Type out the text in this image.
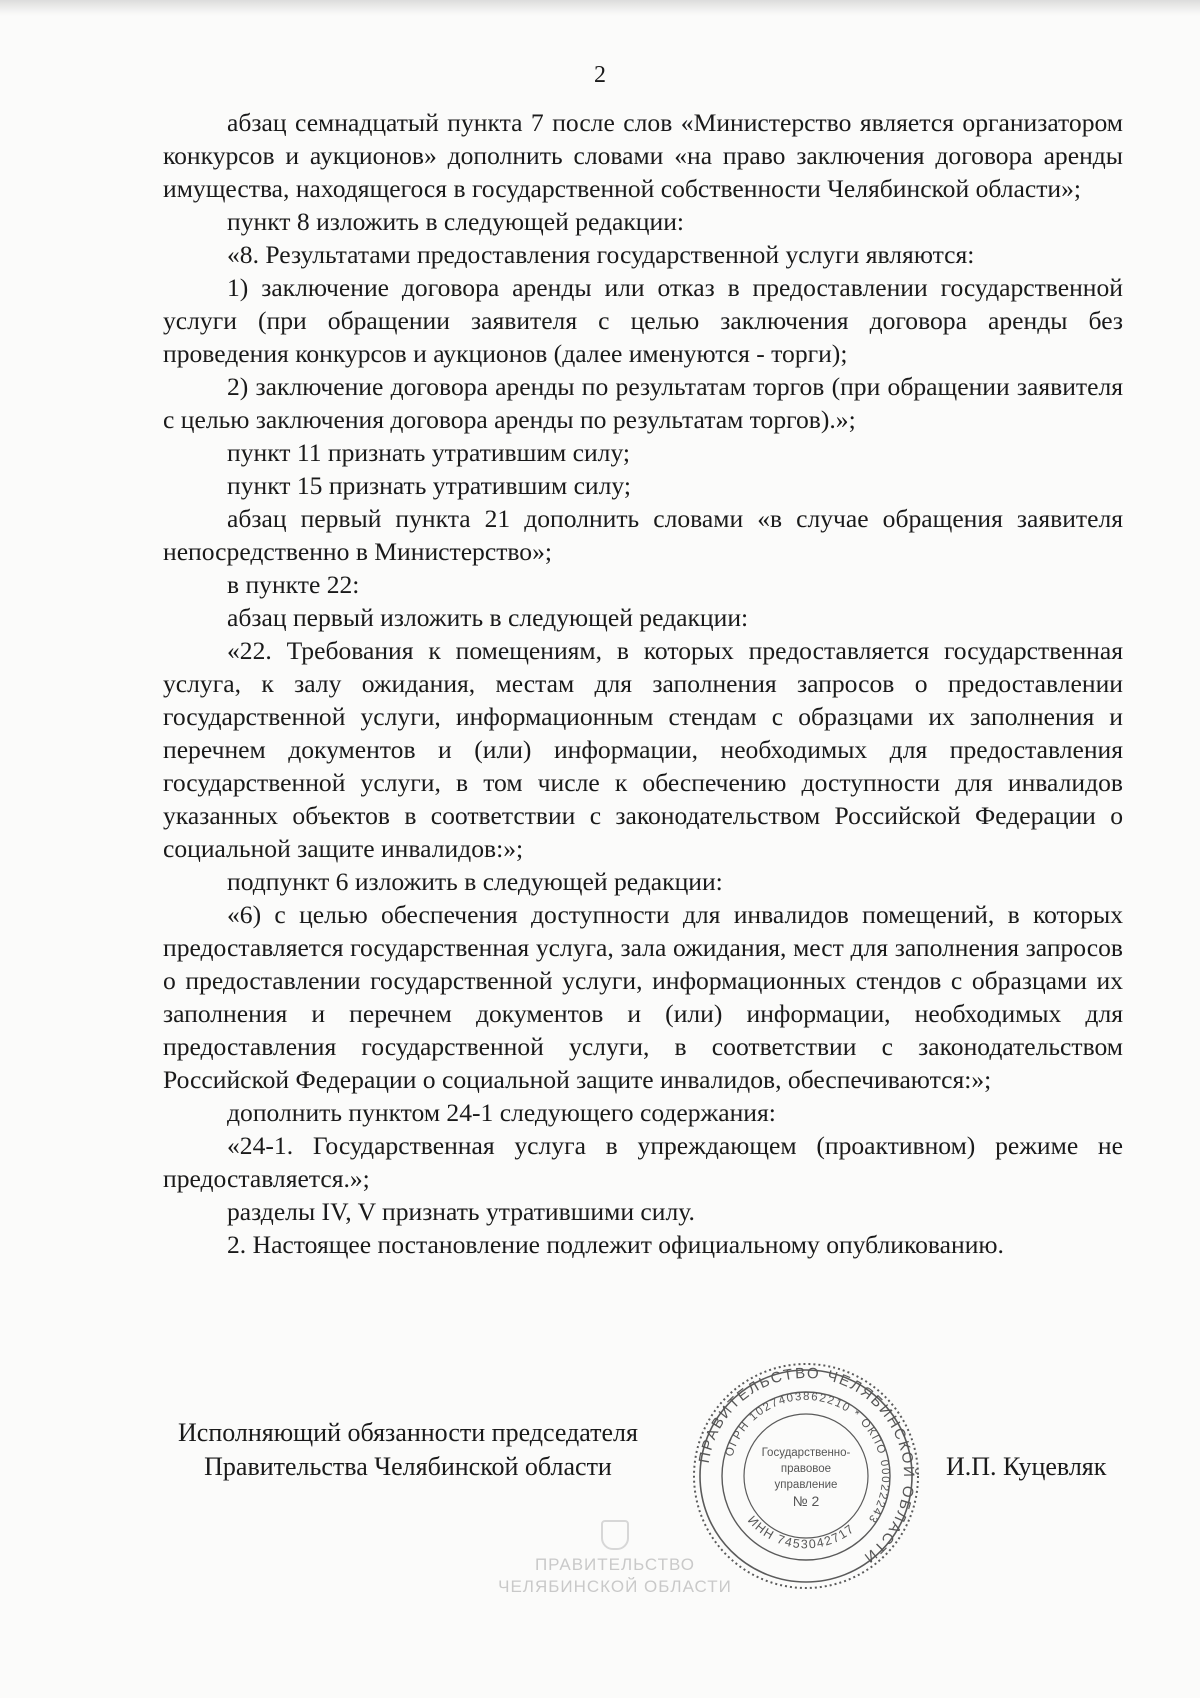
2

абзац семнадцатый пункта 7 после слов «Министерство является организатором конкурсов и аукционов» дополнить словами «на право заключения договора аренды имущества, находящегося в государственной собственности Челябинской области»;

пункт 8 изложить в следующей редакции:

«8. Результатами предоставления государственной услуги являются:

1) заключение договора аренды или отказ в предоставлении государственной услуги (при обращении заявителя с целью заключения договора аренды без проведения конкурсов и аукционов (далее именуются - торги);

2) заключение договора аренды по результатам торгов (при обращении заявителя с целью заключения договора аренды по результатам торгов).»;

пункт 11 признать утратившим силу;

пункт 15 признать утратившим силу;

абзац первый пункта 21 дополнить словами «в случае обращения заявителя непосредственно в Министерство»;

в пункте 22:

абзац первый изложить в следующей редакции:

«22. Требования к помещениям, в которых предоставляется государственная услуга, к залу ожидания, местам для заполнения запросов о предоставлении государственной услуги, информационным стендам с образцами их заполнения и перечнем документов и (или) информации, необходимых для предоставления государственной услуги, в том числе к обеспечению доступности для инвалидов указанных объектов в соответствии с законодательством Российской Федерации о социальной защите инвалидов:»;

подпункт 6 изложить в следующей редакции:

«6) с целью обеспечения доступности для инвалидов помещений, в которых предоставляется государственная услуга, зала ожидания, мест для заполнения запросов о предоставлении государственной услуги, информационных стендов с образцами их заполнения и перечнем документов и (или) информации, необходимых для предоставления государственной услуги, в соответствии с законодательством Российской Федерации о социальной защите инвалидов, обеспечиваются:»;

дополнить пунктом 24-1 следующего содержания:

«24-1. Государственная услуга в упреждающем (проактивном) режиме не предоставляется.»;

разделы IV, V признать утратившими силу.

2. Настоящее постановление подлежит официальному опубликованию.

Исполняющий обязанности председателя
Правительства Челябинской области	И.П. Куцевляк
ПРАВИТЕЛЬСТВО ЧЕЛЯБИНСКОЙ ОБЛАСТИ
ОГРН 1027403862210 * ОКПО 00022243
ИНН 7453042717
Государственно-
правовое
управление
№ 2
ПРАВИТЕЛЬСТВО
ЧЕЛЯБИНСКОЙ ОБЛАСТИ
